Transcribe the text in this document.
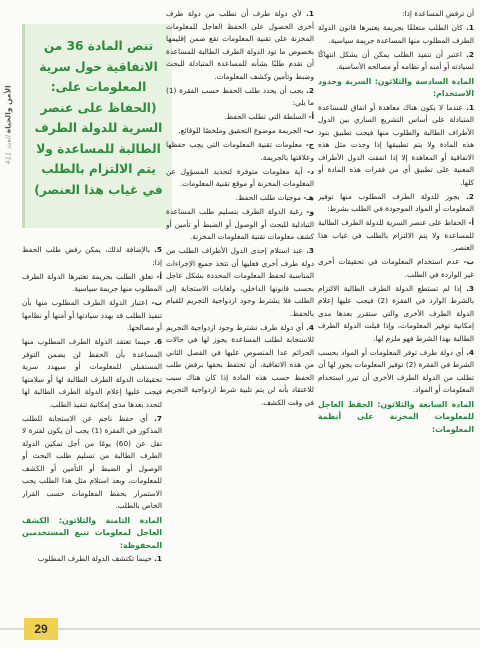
الأمن والحياة العدد 411
تنص المادة 36 من الاتفاقية حول سرية المعلومات على: (الحفاظ على عنصر السرية للدولة الطرف الطالبة للمساعدة ولا يتم الالتزام بالطلب في غياب هذا العنصر)

أن ترفض المساعدة إذا:

1. كان الطلب متعلقًا بجريمة يعتبرها قانون الدولة الطرف المطلوب منها المساعدة جريمة سياسية.

2. اعتبر أن تنفيذ الطلب يمكن أن يشكل انتهاكًا لسيادته أو أمنه أو نظامه أو مصالحه الأساسية.

المادة السادسة والثلاثون: السرية وحدود الاستخدام:

1. عندما لا يكون هناك معاهدة أو اتفاق للمساعدة المتبادلة على أساس التشريع الساري بين الدول الأطراف الطالبة والطلوب منها فيجب تطبيق بنود هذه المادة ولا يتم تطبيقها إذا وجدت مثل هذه الاتفاقية أو المعاهدة إلا إذا اتفقت الدول الأطراف المعنية على تطبيق أي من فقرات هذه المادة أو كلها.

2. يجوز للدولة الطرف المطلوب منها توفير المعلومات أو المواد الموجودة في الطلب بشرط:

أ- الحفاظ على عنصر السرية للدولة الطرف الطالبة للمساعدة ولا يتم الالتزام بالطلب في غياب هذا العنصر.

ب- عدم استخدام المعلومات في تحقيقات أخرى غير الواردة في الطلب.

3. إذا لم تستطع الدولة الطرف الطالبة الالتزام بالشرط الوارد في الفقرة (2) فيجب عليها إعلام الدولة الطرف الأخرى والتي ستقرر بعدها مدى إمكانية توفير المعلومات، وإذا قبلت الدولة الطرف الطالبة بهذا الشرط فهو ملزم لها.

4. أي دولة طرف توفر المعلومات أو المواد بحسب الشرط في الفقرة (2) توفير المعلومات يجوز لها أن تطلب من الدولة الطرف الأخرى أن تبرر استخدام المعلومات أو المواد.

المادة السابعة والثلاثون: الحفظ العاجل للمعلومات المخزنة على أنظمة المعلومات:

1. لأي دولة طرف أن تطلب من دولة طرف أخرى الحصول على الحفظ العاجل للمعلومات المخزنة على تقنية المعلومات تقع ضمن إقليمها بخصوص ما تود الدولة الطرف الطالبة للمساعدة أن تقدم طلبًا بشأنه للمساعدة المتبادلة للبحث وضبط وتأمين وكشف المعلومات.

2. يجب أن يحدد طلب الحفظ حسب الفقرة (1) ما يلي:

أ- السلطة التي تطلب الحفظ.

ب- الجريمة موضوع التحقيق وملخصًا للوقائع.

ج- معلومات تقنية المعلومات التي يجب حفظها وعلاقتها بالجريمة.

د- أية معلومات متوفرة لتحديد المسؤول عن المعلومات المخزنة أو موقع تقنية المعلومات.

هـ- موجبات طلب الحفظ.

و- رغبة الدولة الطرف بتسليم طلب المساعدة التبادلية للبحث أو الوصول أو الضبط أو تأمين أو كشف معلومات تقنية المعلومات المخزنة.

3. عند استلام إحدى الدول الأطراف الطلب من دولة طرف أخرى فعليها أن تتخذ جميع الإجراءات المناسبة لحفظ المعلومات المحددة بشكل عاجل بحسب قانونها الداخلي، ولغايات الاستجابة إلى الطلب فلا يشترط وجود ازدواجية التجريم للقيام بالحفظ.

4. أي دولة طرف تشترط وجود ازدواجية التجريم للاستجابة لطلب المساعدة يجوز لها في حالات الجرائم عدا المنصوص عليها في الفصل الثاني من هذه الاتفاقية، أن تحتفظ بحقها برفض طلب الحفظ حسب هذه المادة إذا كان هناك سبب للاعتقاد بأنه لن يتم تلبية شرط ازدواجية التجريم في وقت الكشف.

5. بالإضافة لذلك، يمكن رفض طلب الحفظ إذا:

أ- تعلق الطلب بجريمة تعتبرها الدولة الطرف المطلوب منها جريمة سياسية.

ب- اعتبار الدولة الطرف المطلوب منها بأن تنفيذ الطلب قد يهدد سيادتها أو أمنها أو نظامها أو مصالحها.

6. حينما تعتقد الدولة الطرف المطلوب منها المساعدة بأن الحفظ لن يضمن التوفر المستقبلي للمعلومات أو سيهدد سرية تحقيقات الدولة الطرف الطالبة لها أو سلامتها فيجب عليها إعلام الدولة الطرف الطالبة لها لتحدد بعدها مدى إمكانية تنفيذ الطلب.

7. أي حفظ ناجم عن الاستجابة للطلب المذكور في الفقرة (1) يجب أن يكون لفترة لا تقل عن (60) يومًا من أجل تمكين الدولة الطرف الطالبة من تسليم طلب البحث أو الوصول أو الضبط أو التأمين أو الكشف للمعلومات، وبعد استلام مثل هذا الطلب يجب الاستمرار بحفظ المعلومات حسب القرار الخاص بالطلب.

المادة الثامنة والثلاثون: الكشف العاجل لمعلومات تتبع المستخدمين المحفوظة:

1. حينما تكتشف الدولة الطرف المطلوب

29
